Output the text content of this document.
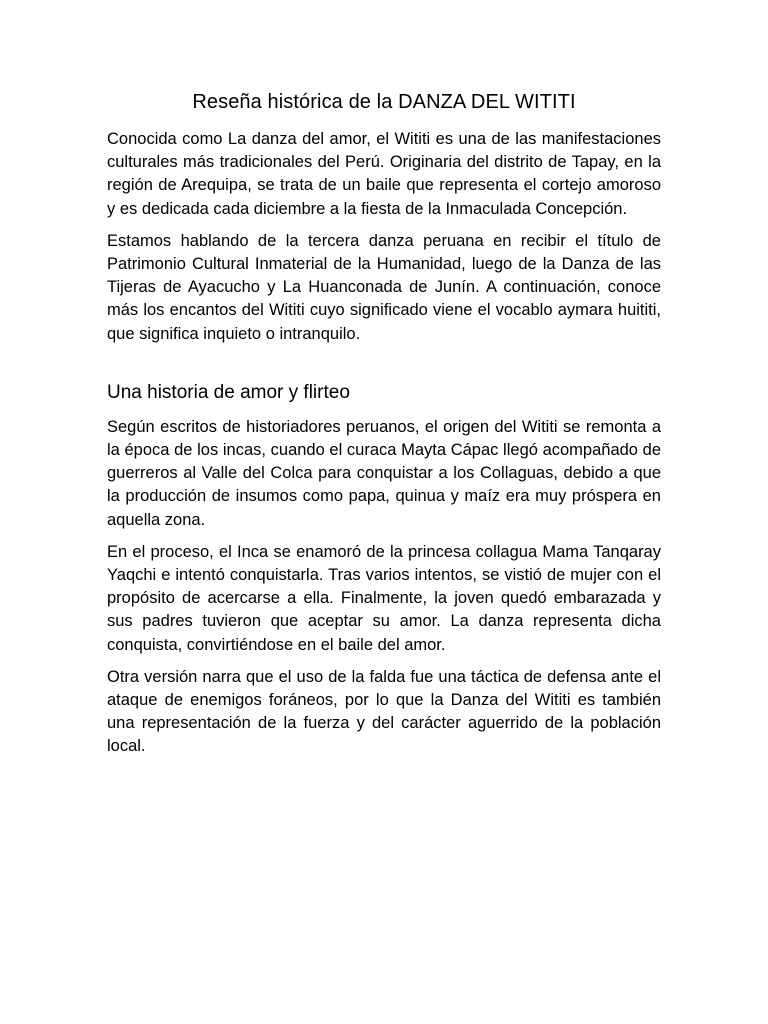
Reseña histórica de la DANZA DEL WITITI

Conocida como La danza del amor, el Wititi es una de las manifestaciones culturales más tradicionales del Perú. Originaria del distrito de Tapay, en la región de Arequipa, se trata de un baile que representa el cortejo amoroso y es dedicada cada diciembre a la fiesta de la Inmaculada Concepción.

Estamos hablando de la tercera danza peruana en recibir el título de Patrimonio Cultural Inmaterial de la Humanidad, luego de la Danza de las Tijeras de Ayacucho y La Huanconada de Junín. A continuación, conoce más los encantos del Wititi cuyo significado viene el vocablo aymara huititi, que significa inquieto o intranquilo.

Una historia de amor y flirteo

Según escritos de historiadores peruanos, el origen del Wititi se remonta a la época de los incas, cuando el curaca Mayta Cápac llegó acompañado de guerreros al Valle del Colca para conquistar a los Collaguas, debido a que la producción de insumos como papa, quinua y maíz era muy próspera en aquella zona.

En el proceso, el Inca se enamoró de la princesa collagua Mama Tanqaray Yaqchi e intentó conquistarla. Tras varios intentos, se vistió de mujer con el propósito de acercarse a ella. Finalmente, la joven quedó embarazada y sus padres tuvieron que aceptar su amor. La danza representa dicha conquista, convirtiéndose en el baile del amor.

Otra versión narra que el uso de la falda fue una táctica de defensa ante el ataque de enemigos foráneos, por lo que la Danza del Wititi es también una representación de la fuerza y del carácter aguerrido de la población local.
